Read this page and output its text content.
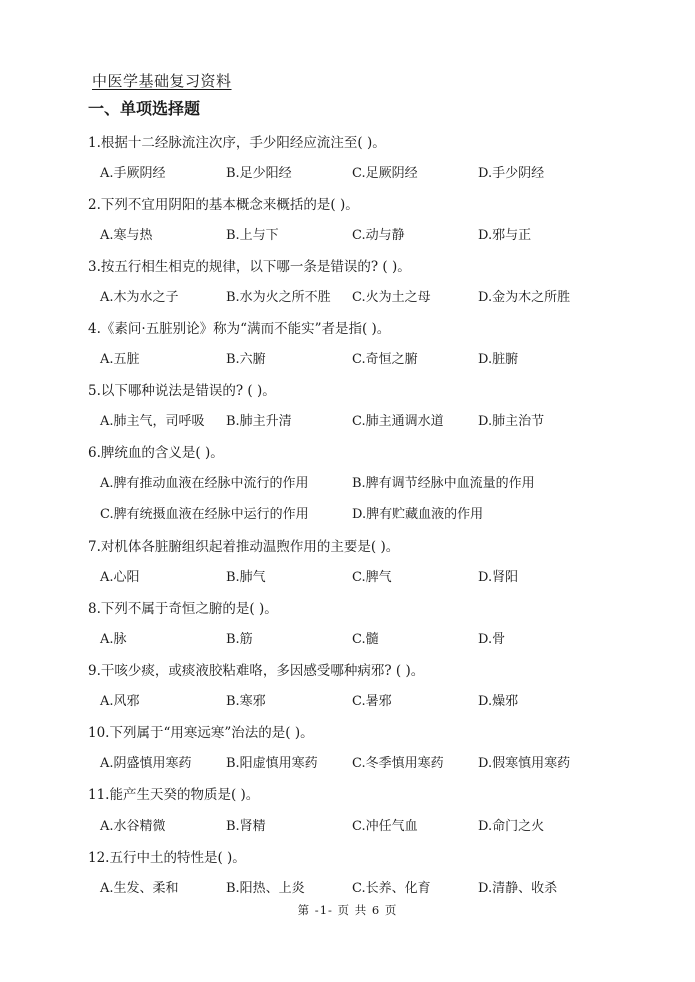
中医学基础复习资料
一、单项选择题
1.根据十二经脉流注次序，手少阳经应流注至( )。
A.手厥阴经	B.足少阳经	C.足厥阴经	D.手少阴经
2.下列不宜用阴阳的基本概念来概括的是( )。
A.寒与热	B.上与下	C.动与静	D.邪与正
3.按五行相生相克的规律，以下哪一条是错误的? ( )。
A.木为水之子	B.水为火之所不胜 C.火为土之母	D.金为木之所胜
4.《素问·五脏别论》称为“满而不能实”者是指( )。
A.五脏	B.六腑	C.奇恒之腑	D.脏腑
5.以下哪种说法是错误的? ( )。
A.肺主气，司呼吸 B.肺主升清	C.肺主通调水道	D.肺主治节
6.脾统血的含义是( )。
A.脾有推动血液在经脉中流行的作用	B.脾有调节经脉中血流量的作用
C.脾有统摄血液在经脉中运行的作用	D.脾有贮藏血液的作用
7.对机体各脏腑组织起着推动温煦作用的主要是( )。
A.心阳	B.肺气	C.脾气	D.肾阳
8.下列不属于奇恒之腑的是( )。
A.脉	B.筋	C.髓	D.骨
9.干咳少痰，或痰液胶粘难咯，多因感受哪种病邪? ( )。
A.风邪	B.寒邪	C.暑邪	D.燥邪
10.下列属于“用寒远寒”治法的是( )。
A.阴盛慎用寒药	B.阳虚慎用寒药	C.冬季慎用寒药	D.假寒慎用寒药
11.能产生天癸的物质是( )。
A.水谷精微	B.肾精	C.冲任气血	D.命门之火
12.五行中土的特性是( )。
A.生发、柔和	B.阳热、上炎	C.长养、化育	D.清静、收杀
第 -1- 页 共 6 页
